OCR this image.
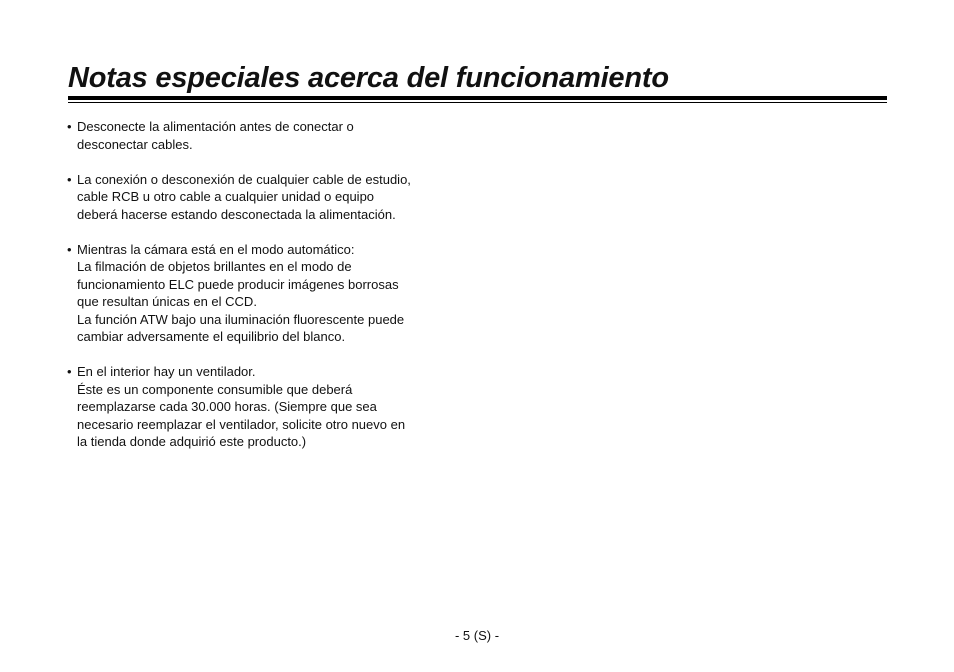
Notas especiales acerca del funcionamiento
• Desconecte la alimentación antes de conectar o
desconectar cables.
• La conexión o desconexión de cualquier cable de estudio,
cable RCB u otro cable a cualquier unidad o equipo
deberá hacerse estando desconectada la alimentación.
• Mientras la cámara está en el modo automático:
La filmación de objetos brillantes en el modo de
funcionamiento ELC puede producir imágenes borrosas
que resultan únicas en el CCD.
La función ATW bajo una iluminación fluorescente puede
cambiar adversamente el equilibrio del blanco.
• En el interior hay un ventilador.
Éste es un componente consumible que deberá
reemplazarse cada 30.000 horas. (Siempre que sea
necesario reemplazar el ventilador, solicite otro nuevo en
la tienda donde adquirió este producto.)
- 5 (S) -
